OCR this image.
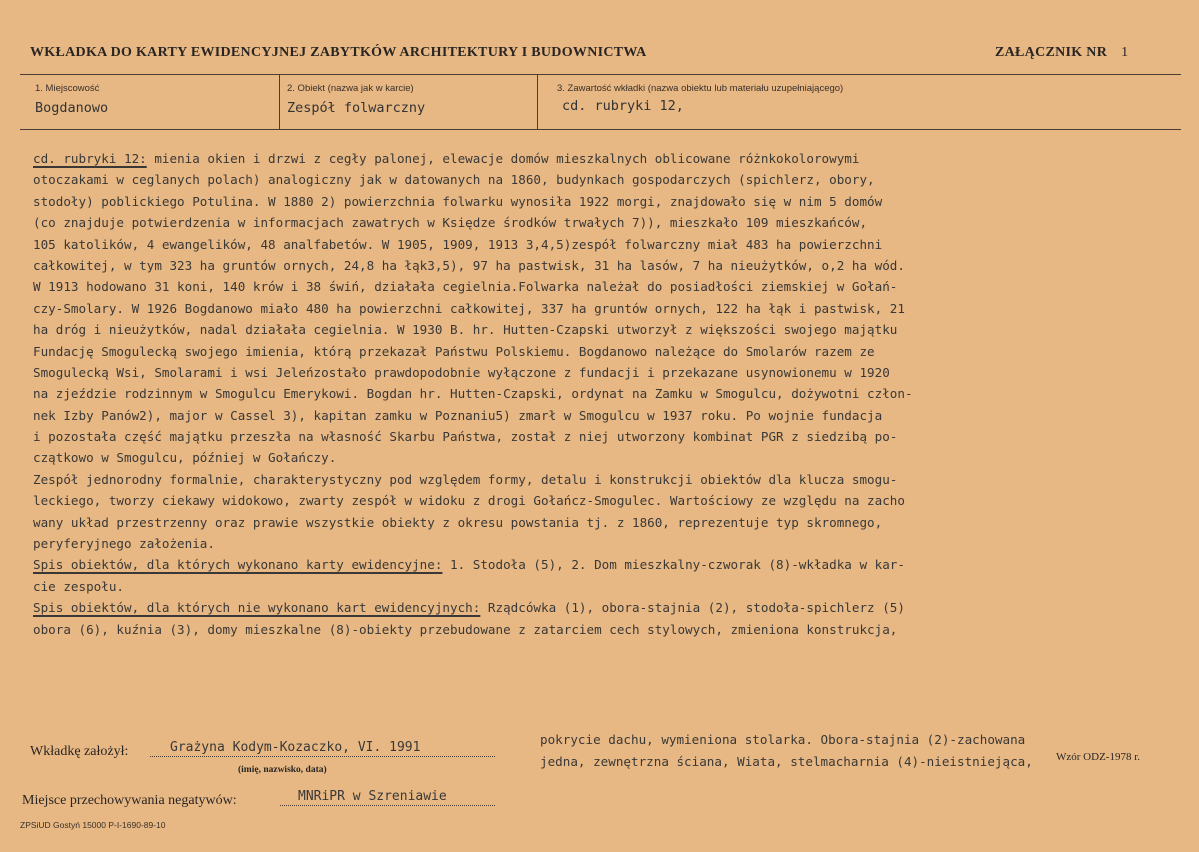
WKŁADKA DO KARTY EWIDENCYJNEJ ZABYTKÓW ARCHITEKTURY I BUDOWNICTWA	ZAŁĄCZNIK NR 1
1. Miejscowość
Bogdanowo
2. Obiekt (nazwa jak w karcie)
Zespół folwarczny
3. Zawartość wkładki (nazwa obiektu lub materiału uzupełniającego)
cd. rubryki 12,
cd. rubryki 12: mienia okien i drzwi z cegły palonej, elewacje domów mieszkalnych oblicowane różnkokolorowymi
otoczakami w ceglanych polach) analogiczny jak w datowanych na 1860, budynkach gospodarczych (spichlerz, obory,
stodoły) poblickiego Potulina. W 1880 2) powierzchnia folwarku wynosiła 1922 morgi, znajdowało się w nim 5 domów
(co znajduje potwierdzenia w informacjach zawatrych w Księdze środków trwałych 7)), mieszkało 109 mieszkańców,
105 katolików, 4 ewangelików, 48 analfabetów. W 1905, 1909, 1913 3,4,5)zespół folwarczny miał 483 ha powierzchni
całkowitej, w tym 323 ha gruntów ornych, 24,8 ha łąk3,5), 97 ha pastwisk, 31 ha lasów, 7 ha nieużytków, o,2 ha wód.
W 1913 hodowano 31 koni, 140 krów i 38 świń, działała cegielnia.Folwarka należał do posiadłości ziemskiej w Gołań-
czy-Smolary. W 1926 Bogdanowo miało 480 ha powierzchni całkowitej, 337 ha gruntów ornych, 122 ha łąk i pastwisk, 21
ha dróg i nieużytków, nadal działała cegielnia. W 1930 B. hr. Hutten-Czapski utworzył z większości swojego majątku
Fundację Smogulecką swojego imienia, którą przekazał Państwu Polskiemu. Bogdanowo należące do Smolarów razem ze
Smogulecką Wsi, Smolarami i wsi Jeleńzostało prawdopodobnie wyłączone z fundacji i przekazane usynowionemu w 1920
na zjeździe rodzinnym w Smogulcu Emerykowi. Bogdan hr. Hutten-Czapski, ordynat na Zamku w Smogulcu, dożywotni człon-
nek Izby Panów2), major w Cassel 3), kapitan zamku w Poznaniu5) zmarł w Smogulcu w 1937 roku. Po wojnie fundacja
i pozostała część majątku przeszła na własność Skarbu Państwa, został z niej utworzony kombinat PGR z siedzibą po-
czątkowo w Smogulcu, później w Gołańczy.
Zespół jednorodny formalnie, charakterystyczny pod względem formy, detalu i konstrukcji obiektów dla klucza smogu-
leckiego, tworzy ciekawy widokowo, zwarty zespół w widoku z drogi Gołańcz-Smogulec. Wartościowy ze względu na zacho
wany układ przestrzenny oraz prawie wszystkie obiekty z okresu powstania tj. z 1860, reprezentuje typ skromnego,
peryferyjnego założenia.
Spis obiektów, dla których wykonano karty ewidencyjne: 1. Stodoła (5), 2. Dom mieszkalny-czworak (8)-wkładka w kar-
cie zespołu.
Spis obiektów, dla których nie wykonano kart ewidencyjnych: Rządcówka (1), obora-stajnia (2), stodoła-spichlerz (5)
obora (6), kuźnia (3), domy mieszkalne (8)-obiekty przebudowane z zatarciem cech stylowych, zmieniona konstrukcja,
pokrycie dachu, wymieniona stolarka. Obora-stajnia (2)-zachowana
jedna, zewnętrzna ściana, Wiata, stelmacharnia (4)-nieistniejąca,
Wkładkę założył:	Grażyna Kodym-Kozaczko, VI. 1991
(imię, nazwisko, data)
Wzór ODZ-1978 r.
Miejsce przechowywania negatywów:	MNRiPR w Szreniawie
ZPSiUD Gostyń 15000 P-I-1690-89-10
